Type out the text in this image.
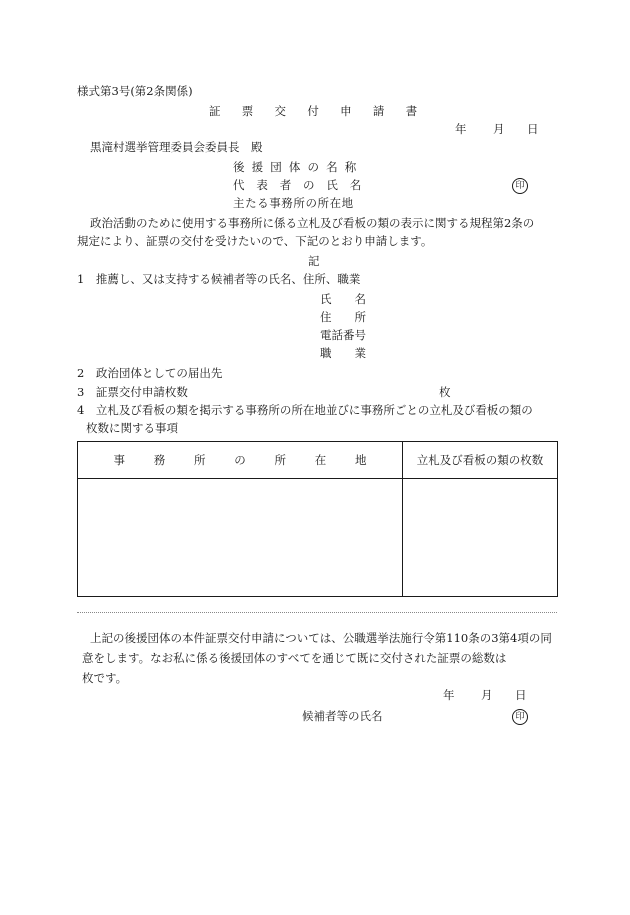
様式第3号(第2条関係)
証票交付申請書
年 月 日
黒滝村選挙管理委員会委員長　殿
後援団体の名称
代表者の氏名	印
主たる事務所の所在地
政治活動のために使用する事務所に係る立札及び看板の類の表示に関する規程第2条の
規定により、証票の交付を受けたいので、下記のとおり申請します。
記
1　推薦し、又は支持する候補者等の氏名、住所、職業
氏　　名
住　　所
電話番号
職　　業
2　政治団体としての届出先
3　証票交付申請枚数	枚
4　立札及び看板の類を掲示する事務所の所在地並びに事務所ごとの立札及び看板の類の
枚数に関する事項
事務所の所在地	立札及び看板の類の枚数

上記の後援団体の本件証票交付申請については、公職選挙法施行令第110条の3第4項の同
意をします。なお私に係る後援団体のすべてを通じて既に交付された証票の総数は
枚です。
年 月 日
候補者等の氏名	印
